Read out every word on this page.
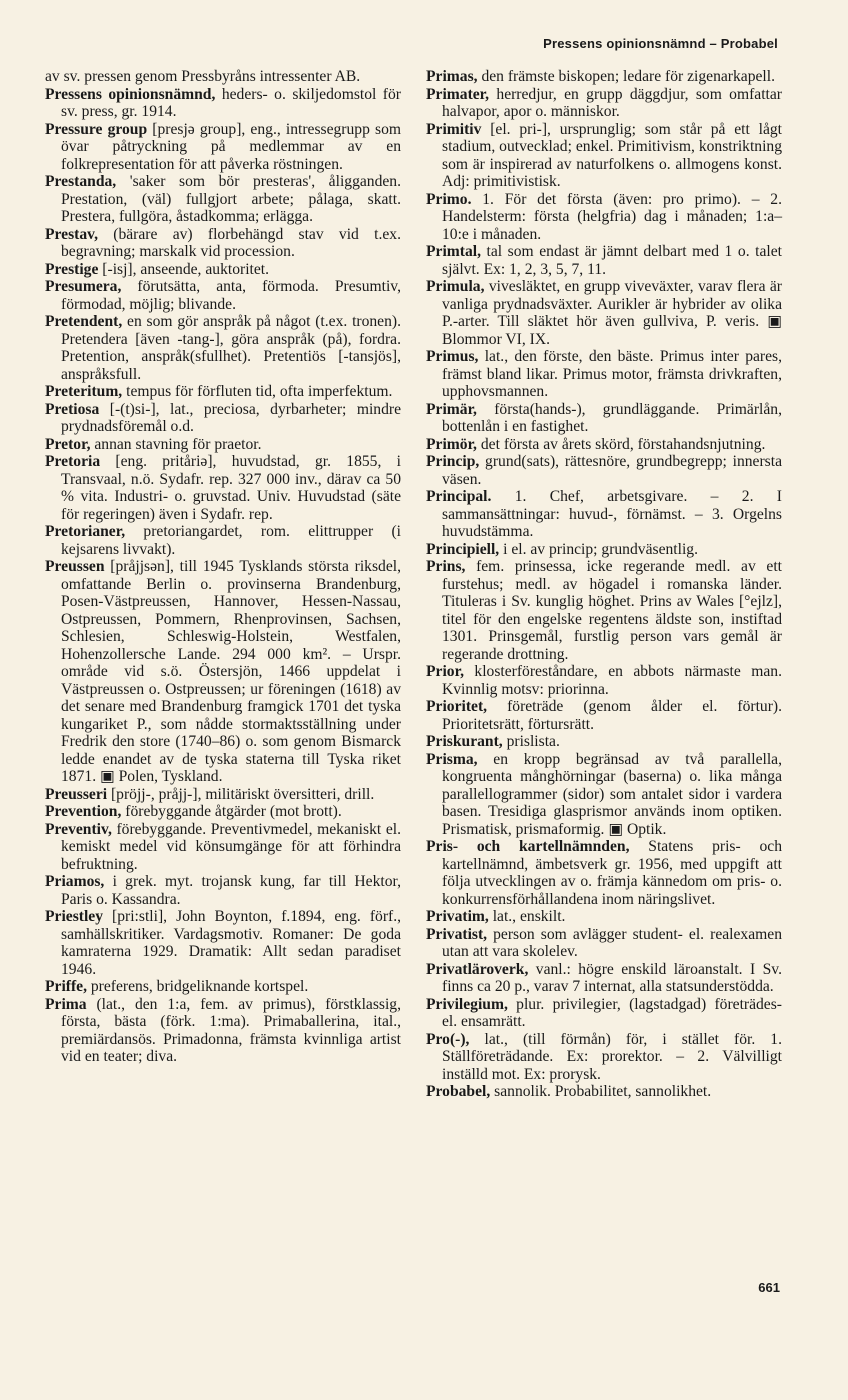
Pressens opinionsnämnd – Probabel

av sv. pressen genom Pressbyråns intressenter AB.

Pressens opinionsnämnd, heders- o. skiljedomstol för sv. press, gr. 1914.

Pressure group [presjə group], eng., intressegrupp som övar påtryckning på medlemmar av en folkrepresentation för att påverka röstningen.

Prestanda, 'saker som bör presteras', åligganden. Prestation, (väl) fullgjort arbete; pålaga, skatt. Prestera, fullgöra, åstadkomma; erlägga.

Prestav, (bärare av) florbehängd stav vid t.ex. begravning; marskalk vid procession.

Prestige [-isj], anseende, auktoritet.

Presumera, förutsätta, anta, förmoda. Presumtiv, förmodad, möjlig; blivande.

Pretendent, en som gör anspråk på något (t.ex. tronen). Pretendera [även -tang-], göra anspråk (på), fordra. Pretention, anspråk(sfullhet). Pretentiös [-tansjös], anspråksfull.

Preteritum, tempus för förfluten tid, ofta imperfektum.

Pretiosa [-(t)si-], lat., preciosa, dyrbarheter; mindre prydnadsföremål o.d.

Pretor, annan stavning för praetor.

Pretoria [eng. pritåriə], huvudstad, gr. 1855, i Transvaal, n.ö. Sydafr. rep. 327 000 inv., därav ca 50 % vita. Industri- o. gruvstad. Univ. Huvudstad (säte för regeringen) även i Sydafr. rep.

Pretorianer, pretoriangardet, rom. elittrupper (i kejsarens livvakt).

Preussen [pråjjsən], till 1945 Tysklands största riksdel, omfattande Berlin o. provinserna Brandenburg, Posen-Västpreussen, Hannover, Hessen-Nassau, Ostpreussen, Pommern, Rhenprovinsen, Sachsen, Schlesien, Schleswig-Holstein, Westfalen, Hohenzollersche Lande. 294 000 km². – Urspr. område vid s.ö. Östersjön, 1466 uppdelat i Västpreussen o. Ostpreussen; ur föreningen (1618) av det senare med Brandenburg framgick 1701 det tyska kungariket P., som nådde stormaktsställning under Fredrik den store (1740–86) o. som genom Bismarck ledde enandet av de tyska staterna till Tyska riket 1871. ▣ Polen, Tyskland.

Preusseri [pröjj-, pråjj-], militäriskt översitteri, drill.

Prevention, förebyggande åtgärder (mot brott).

Preventiv, förebyggande. Preventivmedel, mekaniskt el. kemiskt medel vid könsumgänge för att förhindra befruktning.

Priamos, i grek. myt. trojansk kung, far till Hektor, Paris o. Kassandra.

Priestley [pri:stli], John Boynton, f.1894, eng. förf., samhällskritiker. Vardagsmotiv. Romaner: De goda kamraterna 1929. Dramatik: Allt sedan paradiset 1946.

Priffe, preferens, bridgeliknande kortspel.

Prima (lat., den 1:a, fem. av primus), förstklassig, första, bästa (förk. 1:ma). Primaballerina, ital., premiärdansös. Primadonna, främsta kvinnliga artist vid en teater; diva.

Primas, den främste biskopen; ledare för zigenarkapell.

Primater, herredjur, en grupp däggdjur, som omfattar halvapor, apor o. människor.

Primitiv [el. pri-], ursprunglig; som står på ett lågt stadium, outvecklad; enkel. Primitivism, konstriktning som är inspirerad av naturfolkens o. allmogens konst. Adj: primitivistisk.

Primo. 1. För det första (även: pro primo). – 2. Handelsterm: första (helgfria) dag i månaden; 1:a–10:e i månaden.

Primtal, tal som endast är jämnt delbart med 1 o. talet självt. Ex: 1, 2, 3, 5, 7, 11.

Primula, vivesläktet, en grupp viveväxter, varav flera är vanliga prydnadsväxter. Aurikler är hybrider av olika P.-arter. Till släktet hör även gullviva, P. veris. ▣ Blommor VI, IX.

Primus, lat., den förste, den bäste. Primus inter pares, främst bland likar. Primus motor, främsta drivkraften, upphovsmannen.

Primär, första(hands-), grundläggande. Primärlån, bottenlån i en fastighet.

Primör, det första av årets skörd, förstahandsnjutning.

Princip, grund(sats), rättesnöre, grundbegrepp; innersta väsen.

Principal. 1. Chef, arbetsgivare. – 2. I sammansättningar: huvud-, förnämst. – 3. Orgelns huvudstämma.

Principiell, i el. av princip; grundväsentlig.

Prins, fem. prinsessa, icke regerande medl. av ett furstehus; medl. av högadel i romanska länder. Tituleras i Sv. kunglig höghet. Prins av Wales [°ejlz], titel för den engelske regentens äldste son, instiftad 1301. Prinsgemål, furstlig person vars gemål är regerande drottning.

Prior, klosterföreståndare, en abbots närmaste man. Kvinnlig motsv: priorinna.

Prioritet, företräde (genom ålder el. förtur). Prioritetsrätt, förtursrätt.

Priskurant, prislista.

Prisma, en kropp begränsad av två parallella, kongruenta månghörningar (baserna) o. lika många parallellogrammer (sidor) som antalet sidor i vardera basen. Tresidiga glasprismor används inom optiken. Prismatisk, prismaformig. ▣ Optik.

Pris- och kartellnämnden, Statens pris- och kartellnämnd, ämbetsverk gr. 1956, med uppgift att följa utvecklingen av o. främja kännedom om pris- o. konkurrensförhållandena inom näringslivet.

Privatim, lat., enskilt.

Privatist, person som avlägger student- el. realexamen utan att vara skolelev.

Privatläroverk, vanl.: högre enskild läroanstalt. I Sv. finns ca 20 p., varav 7 internat, alla statsunderstödda.

Privilegium, plur. privilegier, (lagstadgad) företrädes- el. ensamrätt.

Pro(-), lat., (till förmån) för, i stället för. 1. Ställföreträdande. Ex: prorektor. – 2. Välvilligt inställd mot. Ex: prorysk.

Probabel, sannolik. Probabilitet, sannolikhet.

661
